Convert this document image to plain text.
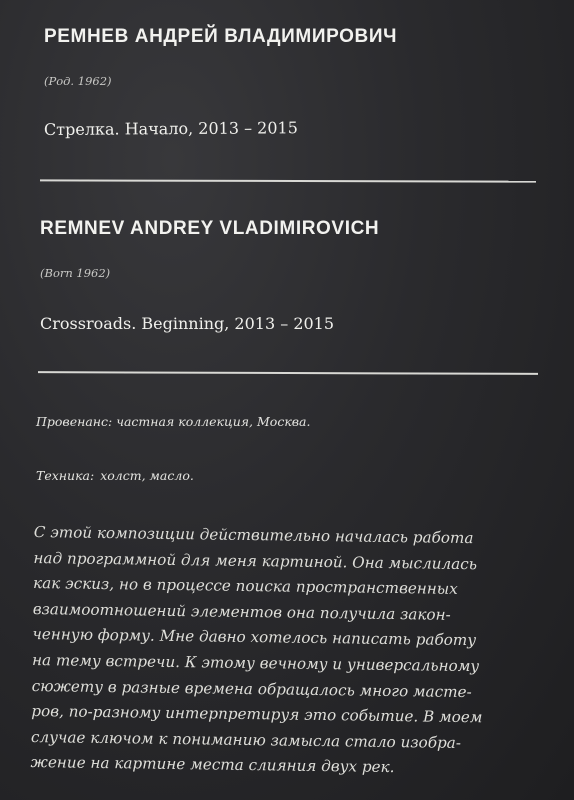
РЕМНЕВ АНДРЕЙ ВЛАДИМИРОВИЧ
(Род. 1962)
Стрелка. Начало, 2013 – 2015
REMNEV ANDREY VLADIMIROVICH
(Born 1962)
Crossroads. Beginning, 2013 – 2015
Провенанс: частная коллекция, Москва.
Техника: холст, масло.
С этой композиции действительно началась работа
над программной для меня картиной. Она мыслилась
как эскиз, но в процессе поиска пространственных
взаимоотношений элементов она получила закон-
ченную форму. Мне давно хотелось написать работу
на тему встречи. К этому вечному и универсальному
сюжету в разные времена обращалось много масте-
ров, по-разному интерпретируя это событие. В моем
случае ключом к пониманию замысла стало изобра-
жение на картине места слияния двух рек.
